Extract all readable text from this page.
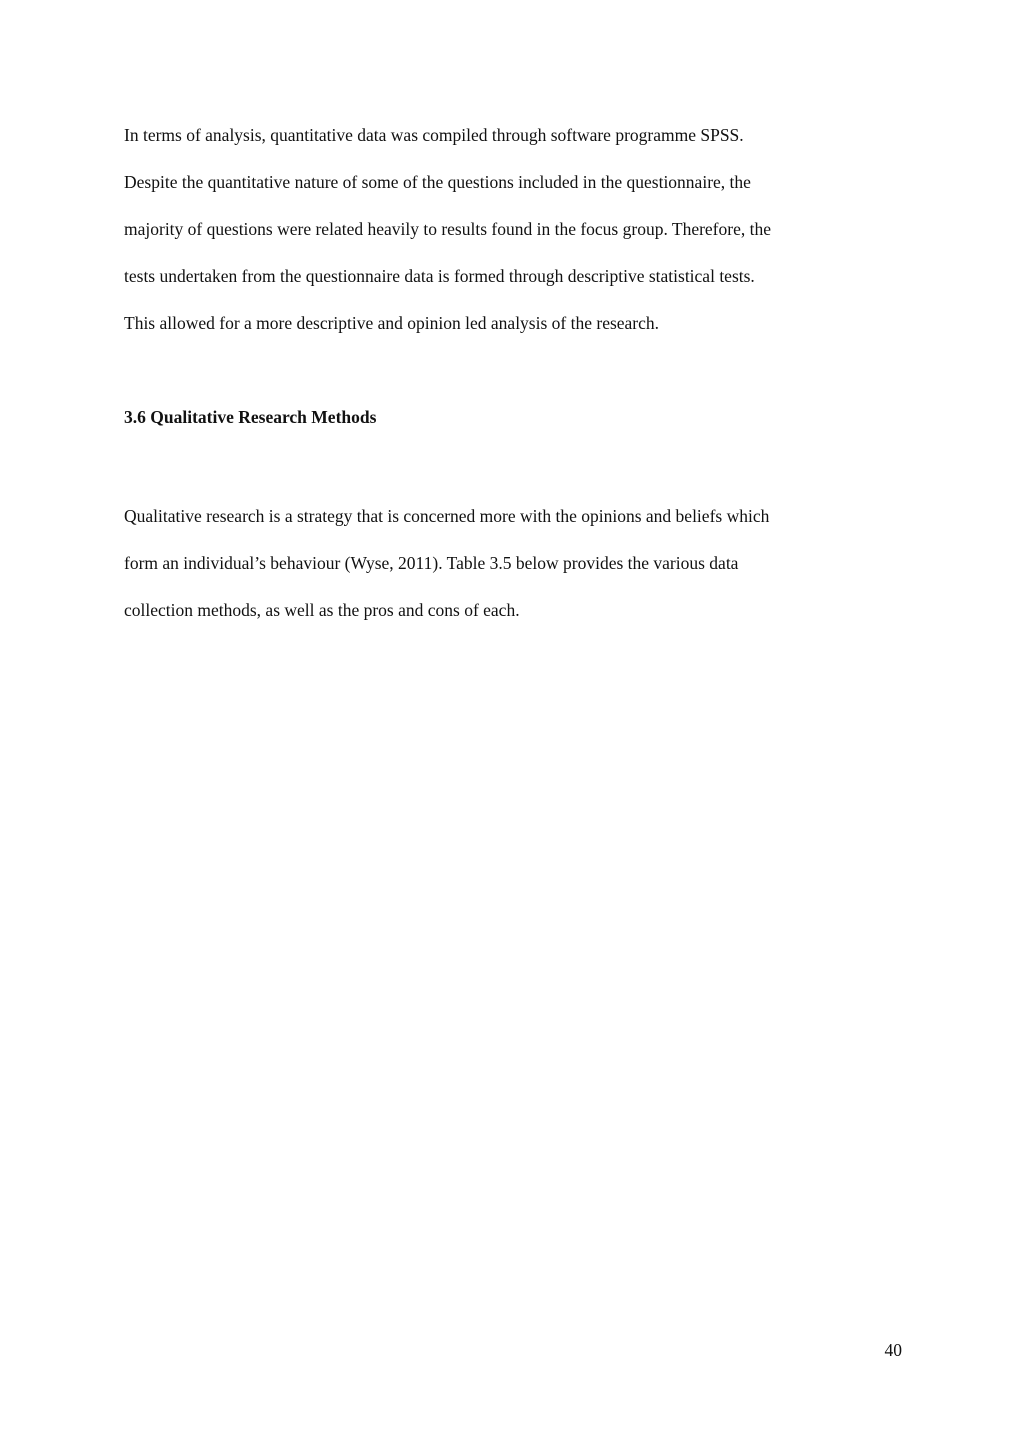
In terms of analysis, quantitative data was compiled through software programme SPSS.
Despite the quantitative nature of some of the questions included in the questionnaire, the
majority of questions were related heavily to results found in the focus group. Therefore, the
tests undertaken from the questionnaire data is formed through descriptive statistical tests.
This allowed for a more descriptive and opinion led analysis of the research.
3.6 Qualitative Research Methods
Qualitative research is a strategy that is concerned more with the opinions and beliefs which
form an individual’s behaviour (Wyse, 2011). Table 3.5 below provides the various data
collection methods, as well as the pros and cons of each.
40
